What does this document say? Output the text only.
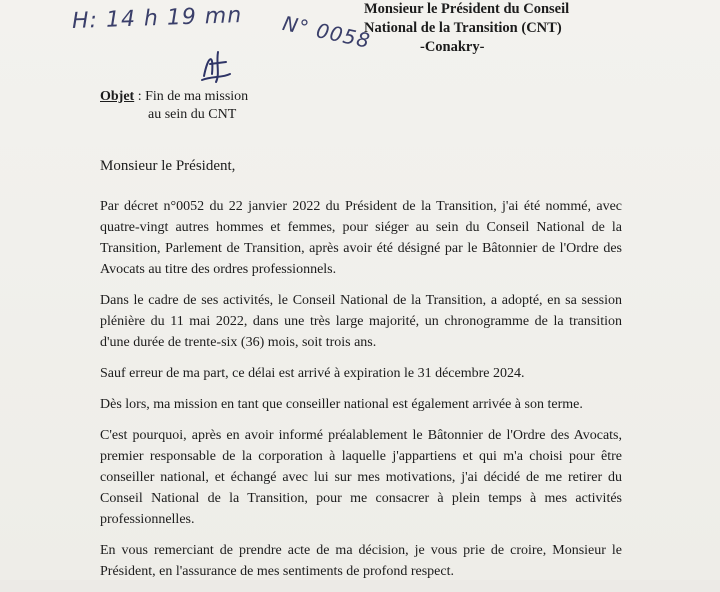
H: 14 h 19 mn N° 0058
Monsieur le Président du Conseil
National de la Transition (CNT)
-Conakry-
Objet : Fin de ma mission
au sein du CNT
Monsieur le Président,

Par décret n°0052 du 22 janvier 2022 du Président de la Transition, j'ai été nommé, avec quatre-vingt autres hommes et femmes, pour siéger au sein du Conseil National de la Transition, Parlement de Transition, après avoir été désigné par le Bâtonnier de l'Ordre des Avocats au titre des ordres professionnels.

Dans le cadre de ses activités, le Conseil National de la Transition, a adopté, en sa session plénière du 11 mai 2022, dans une très large majorité, un chronogramme de la transition d'une durée de trente-six (36) mois, soit trois ans.

Sauf erreur de ma part, ce délai est arrivé à expiration le 31 décembre 2024.

Dès lors, ma mission en tant que conseiller national est également arrivée à son terme.

C'est pourquoi, après en avoir informé préalablement le Bâtonnier de l'Ordre des Avocats, premier responsable de la corporation à laquelle j'appartiens et qui m'a choisi pour être conseiller national, et échangé avec lui sur mes motivations, j'ai décidé de me retirer du Conseil National de la Transition, pour me consacrer à plein temps à mes activités professionnelles.

En vous remerciant de prendre acte de ma décision, je vous prie de croire, Monsieur le Président, en l'assurance de mes sentiments de profond respect.
